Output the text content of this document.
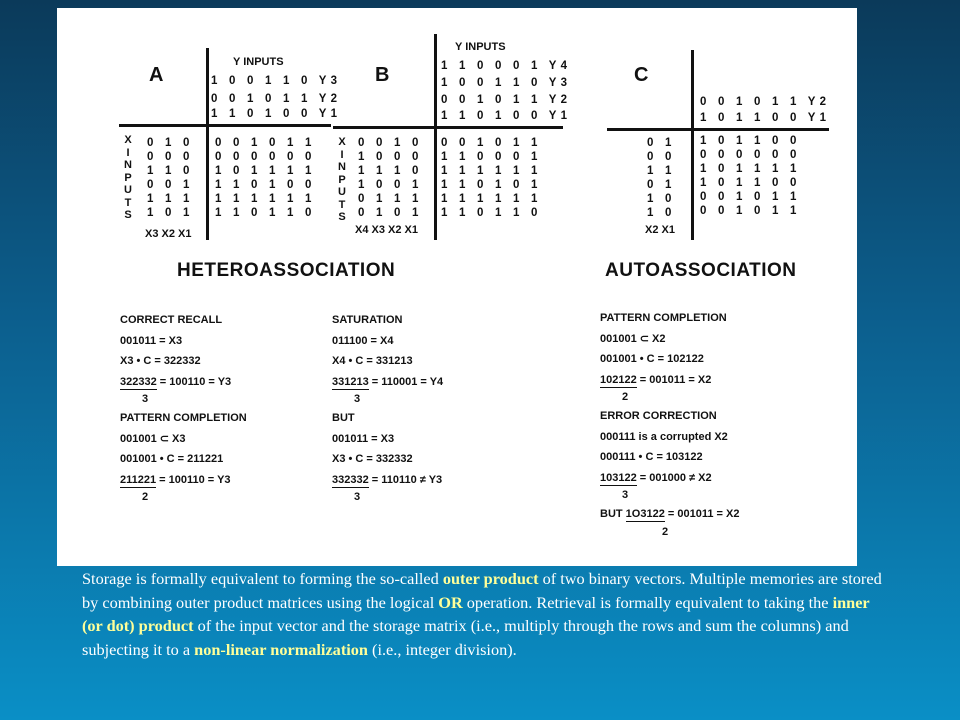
A
Y INPUTS
1 0 0 1 1 0 Y3
0 0 1 0 1 1 Y2
1 1 0 1 0 0 Y1
X
I
N
P
U
T
S
0 1 0
0 0 0
1 1 0
0 0 1
1 1 1
1 0 1
X3 X2 X1
0 0 1 0 1 1
0 0 0 0 0 0
1 0 1 1 1 1
1 1 0 1 0 0
1 1 1 1 1 1
1 1 0 1 1 0
B
Y INPUTS
1 1 0 0 0 1 Y4
1 0 0 1 1 0 Y3
0 0 1 0 1 1 Y2
1 1 0 1 0 0 Y1
X
I
N
P
U
T
S
0 0 1 0
1 0 0 0
1 1 1 0
1 0 0 1
0 1 1 1
0 1 0 1
X4 X3 X2 X1
0 0 1 0 1 1
1 1 0 0 0 1
1 1 1 1 1 1
1 1 0 1 0 1
1 1 1 1 1 1
1 1 0 1 1 0
C
0 0 1 0 1 1 Y2
1 0 1 1 0 0 Y1
0 1
0 0
1 1
0 1
1 0
1 0
X2 X1
1 0 1 1 0 0
0 0 0 0 0 0
1 0 1 1 1 1
1 0 1 1 0 0
0 0 1 0 1 1
0 0 1 0 1 1
HETEROASSOCIATION	AUTOASSOCIATION
CORRECT RECALL
001011 = X3
X3 • C = 322332
322332 = 100110 = Y3
3
PATTERN COMPLETION
001001 ⊂ X3
001001 • C = 211221
211221 = 100110 = Y3
2
SATURATION
011100 = X4
X4 • C = 331213
331213 = 110001 = Y4
3
BUT
001011 = X3
X3 • C = 332332
332332 = 110110 ≠ Y3
3
PATTERN COMPLETION
001001 ⊂ X2
001001 • C = 102122
102122 = 001011 = X2
2
ERROR CORRECTION
000111 is a corrupted X2
000111 • C = 103122
103122 = 001000 ≠ X2
3
BUT 1O3122 = 001011 = X2
2
Storage is formally equivalent to forming the so-called outer product of two binary vectors. Multiple memories are stored by combining outer product matrices using the logical OR operation. Retrieval is formally equivalent to taking the inner (or dot) product of the input vector and the storage matrix (i.e., multiply through the rows and sum the columns) and subjecting it to a non-linear normalization (i.e., integer division).
